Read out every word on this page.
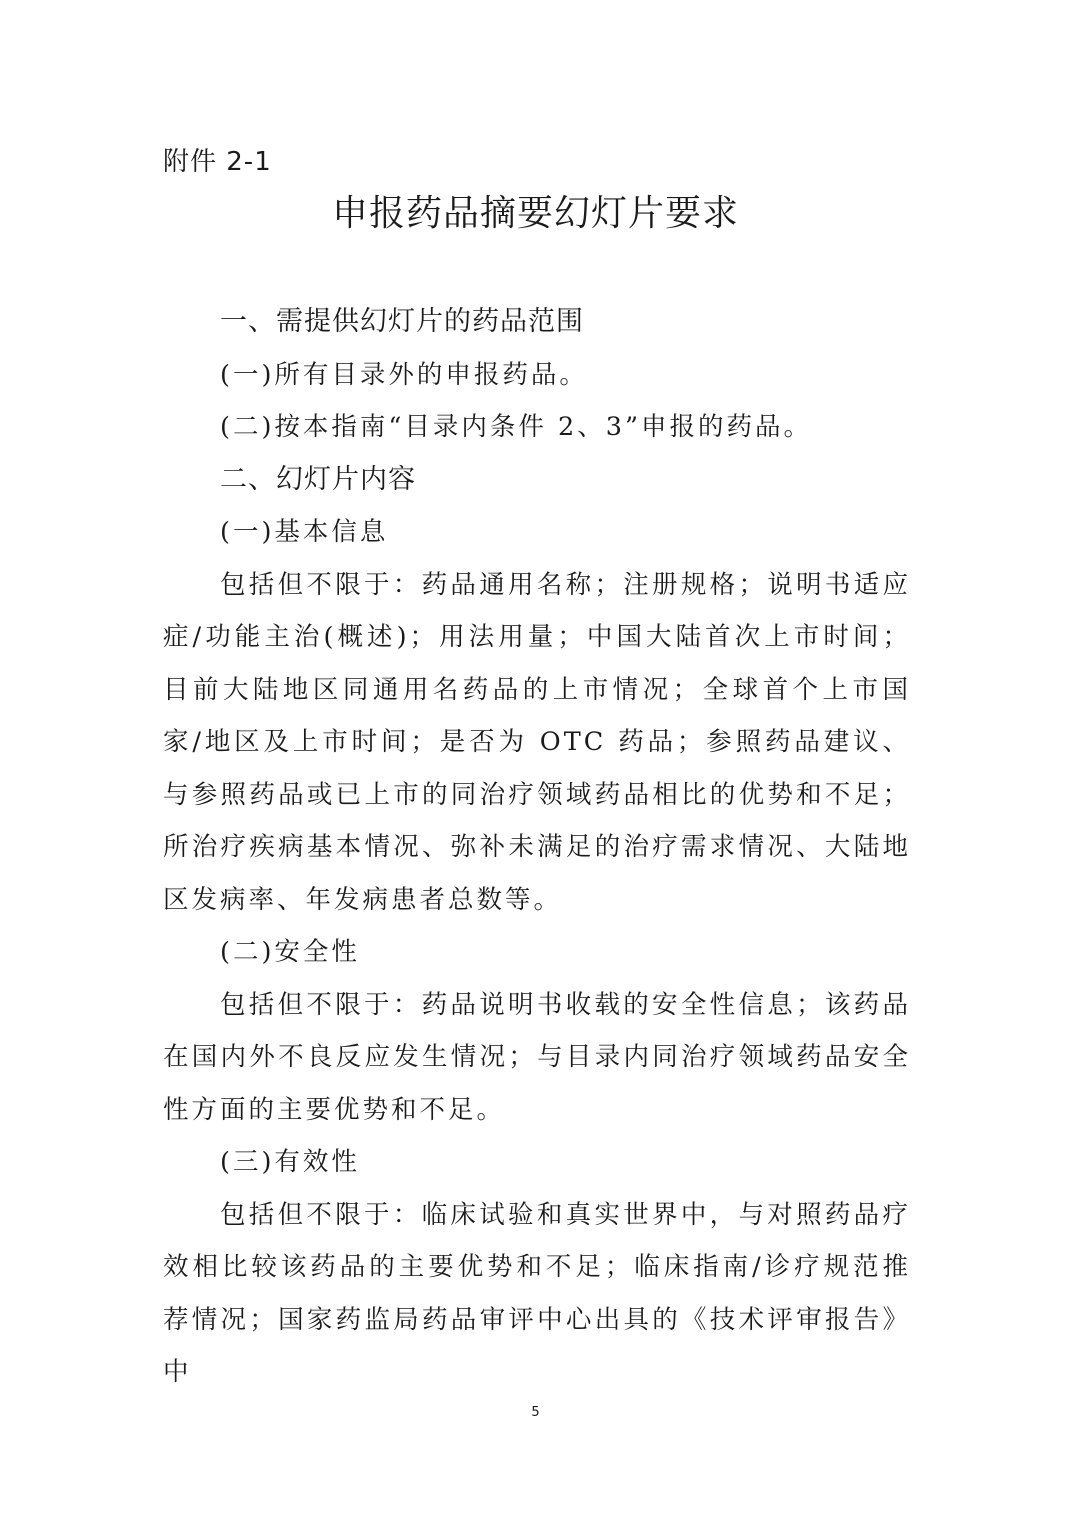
附件 2-1
申报药品摘要幻灯片要求

一、需提供幻灯片的药品范围

(一)所有目录外的申报药品。

(二)按本指南“目录内条件 2、3”申报的药品。

二、幻灯片内容

(一)基本信息

包括但不限于：药品通用名称；注册规格；说明书适应症/功能主治(概述)；用法用量；中国大陆首次上市时间；目前大陆地区同通用名药品的上市情况；全球首个上市国家/地区及上市时间；是否为 OTC 药品；参照药品建议、与参照药品或已上市的同治疗领域药品相比的优势和不足；所治疗疾病基本情况、弥补未满足的治疗需求情况、大陆地区发病率、年发病患者总数等。

(二)安全性

包括但不限于：药品说明书收载的安全性信息；该药品在国内外不良反应发生情况；与目录内同治疗领域药品安全性方面的主要优势和不足。

(三)有效性

包括但不限于：临床试验和真实世界中，与对照药品疗效相比较该药品的主要优势和不足；临床指南/诊疗规范推荐情况；国家药监局药品审评中心出具的《技术评审报告》中

5
